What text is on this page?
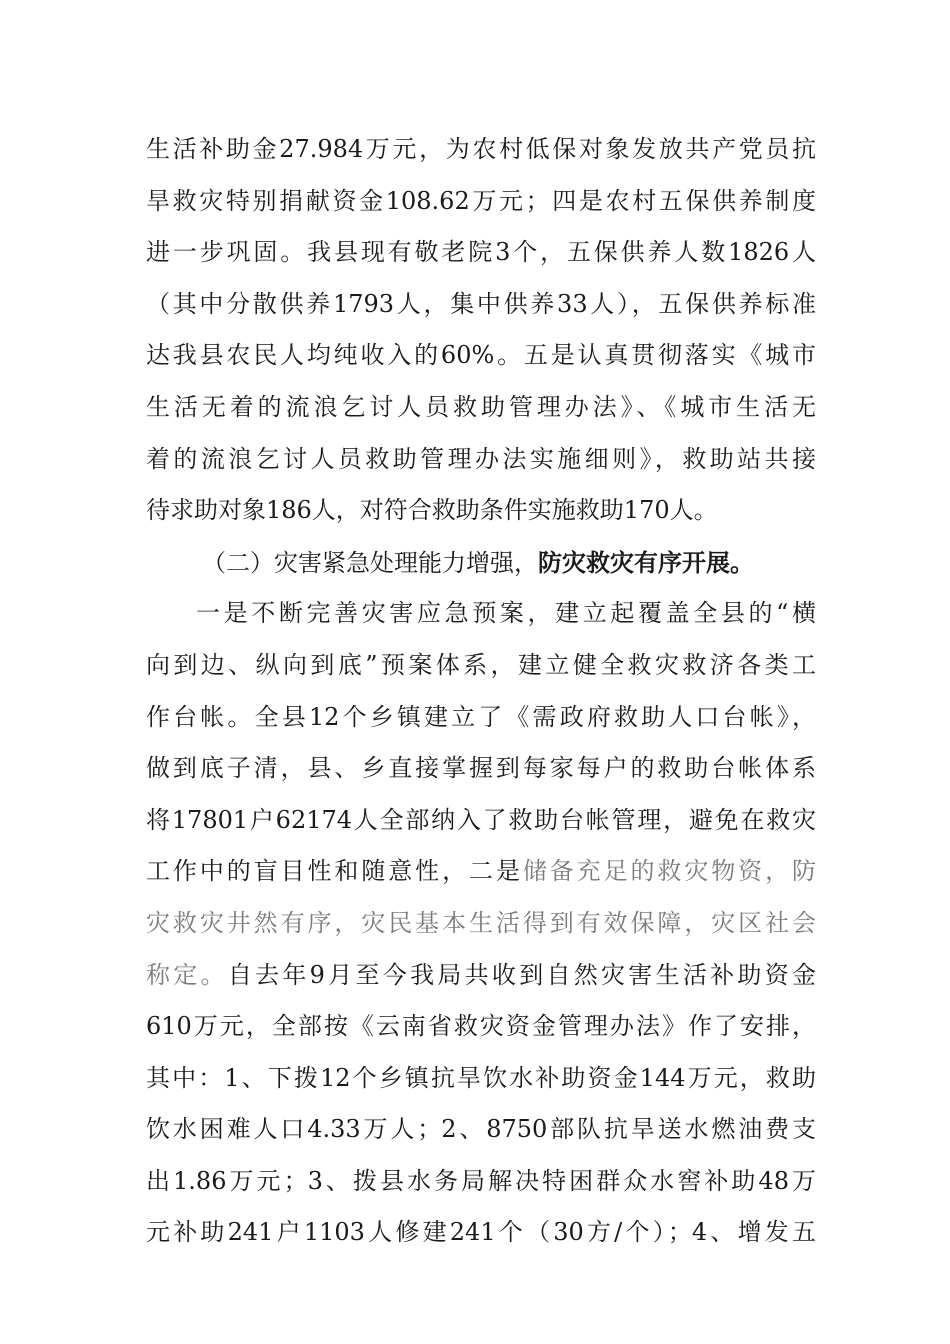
生活补助金27.984万元，为农村低保对象发放共产党员抗
旱救灾特别捐献资金108.62万元；四是农村五保供养制度
进一步巩固。我县现有敬老院3个，五保供养人数1826人
（其中分散供养1793人，集中供养33人），五保供养标准
达我县农民人均纯收入的60%。五是认真贯彻落实《城市
生活无着的流浪乞讨人员救助管理办法》、《城市生活无
着的流浪乞讨人员救助管理办法实施细则》，救助站共接
待求助对象186人，对符合救助条件实施救助170人。
（二）灾害紧急处理能力增强，防灾救灾有序开展。
一是不断完善灾害应急预案，建立起覆盖全县的“横
向到边、纵向到底”预案体系，建立健全救灾救济各类工
作台帐。全县12个乡镇建立了《需政府救助人口台帐》，
做到底子清，县、乡直接掌握到每家每户的救助台帐体系
将17801户62174人全部纳入了救助台帐管理，避免在救灾
工作中的盲目性和随意性，二是储备充足的救灾物资，防
灾救灾井然有序，灾民基本生活得到有效保障，灾区社会
称定。自去年9月至今我局共收到自然灾害生活补助资金
610万元，全部按《云南省救灾资金管理办法》作了安排，
其中：1、下拨12个乡镇抗旱饮水补助资金144万元，救助
饮水困难人口4.33万人；2、8750部队抗旱送水燃油费支
出1.86万元；3、拨县水务局解决特困群众水窖补助48万
元补助241户1103人修建241个（30方/个）；4、增发五
